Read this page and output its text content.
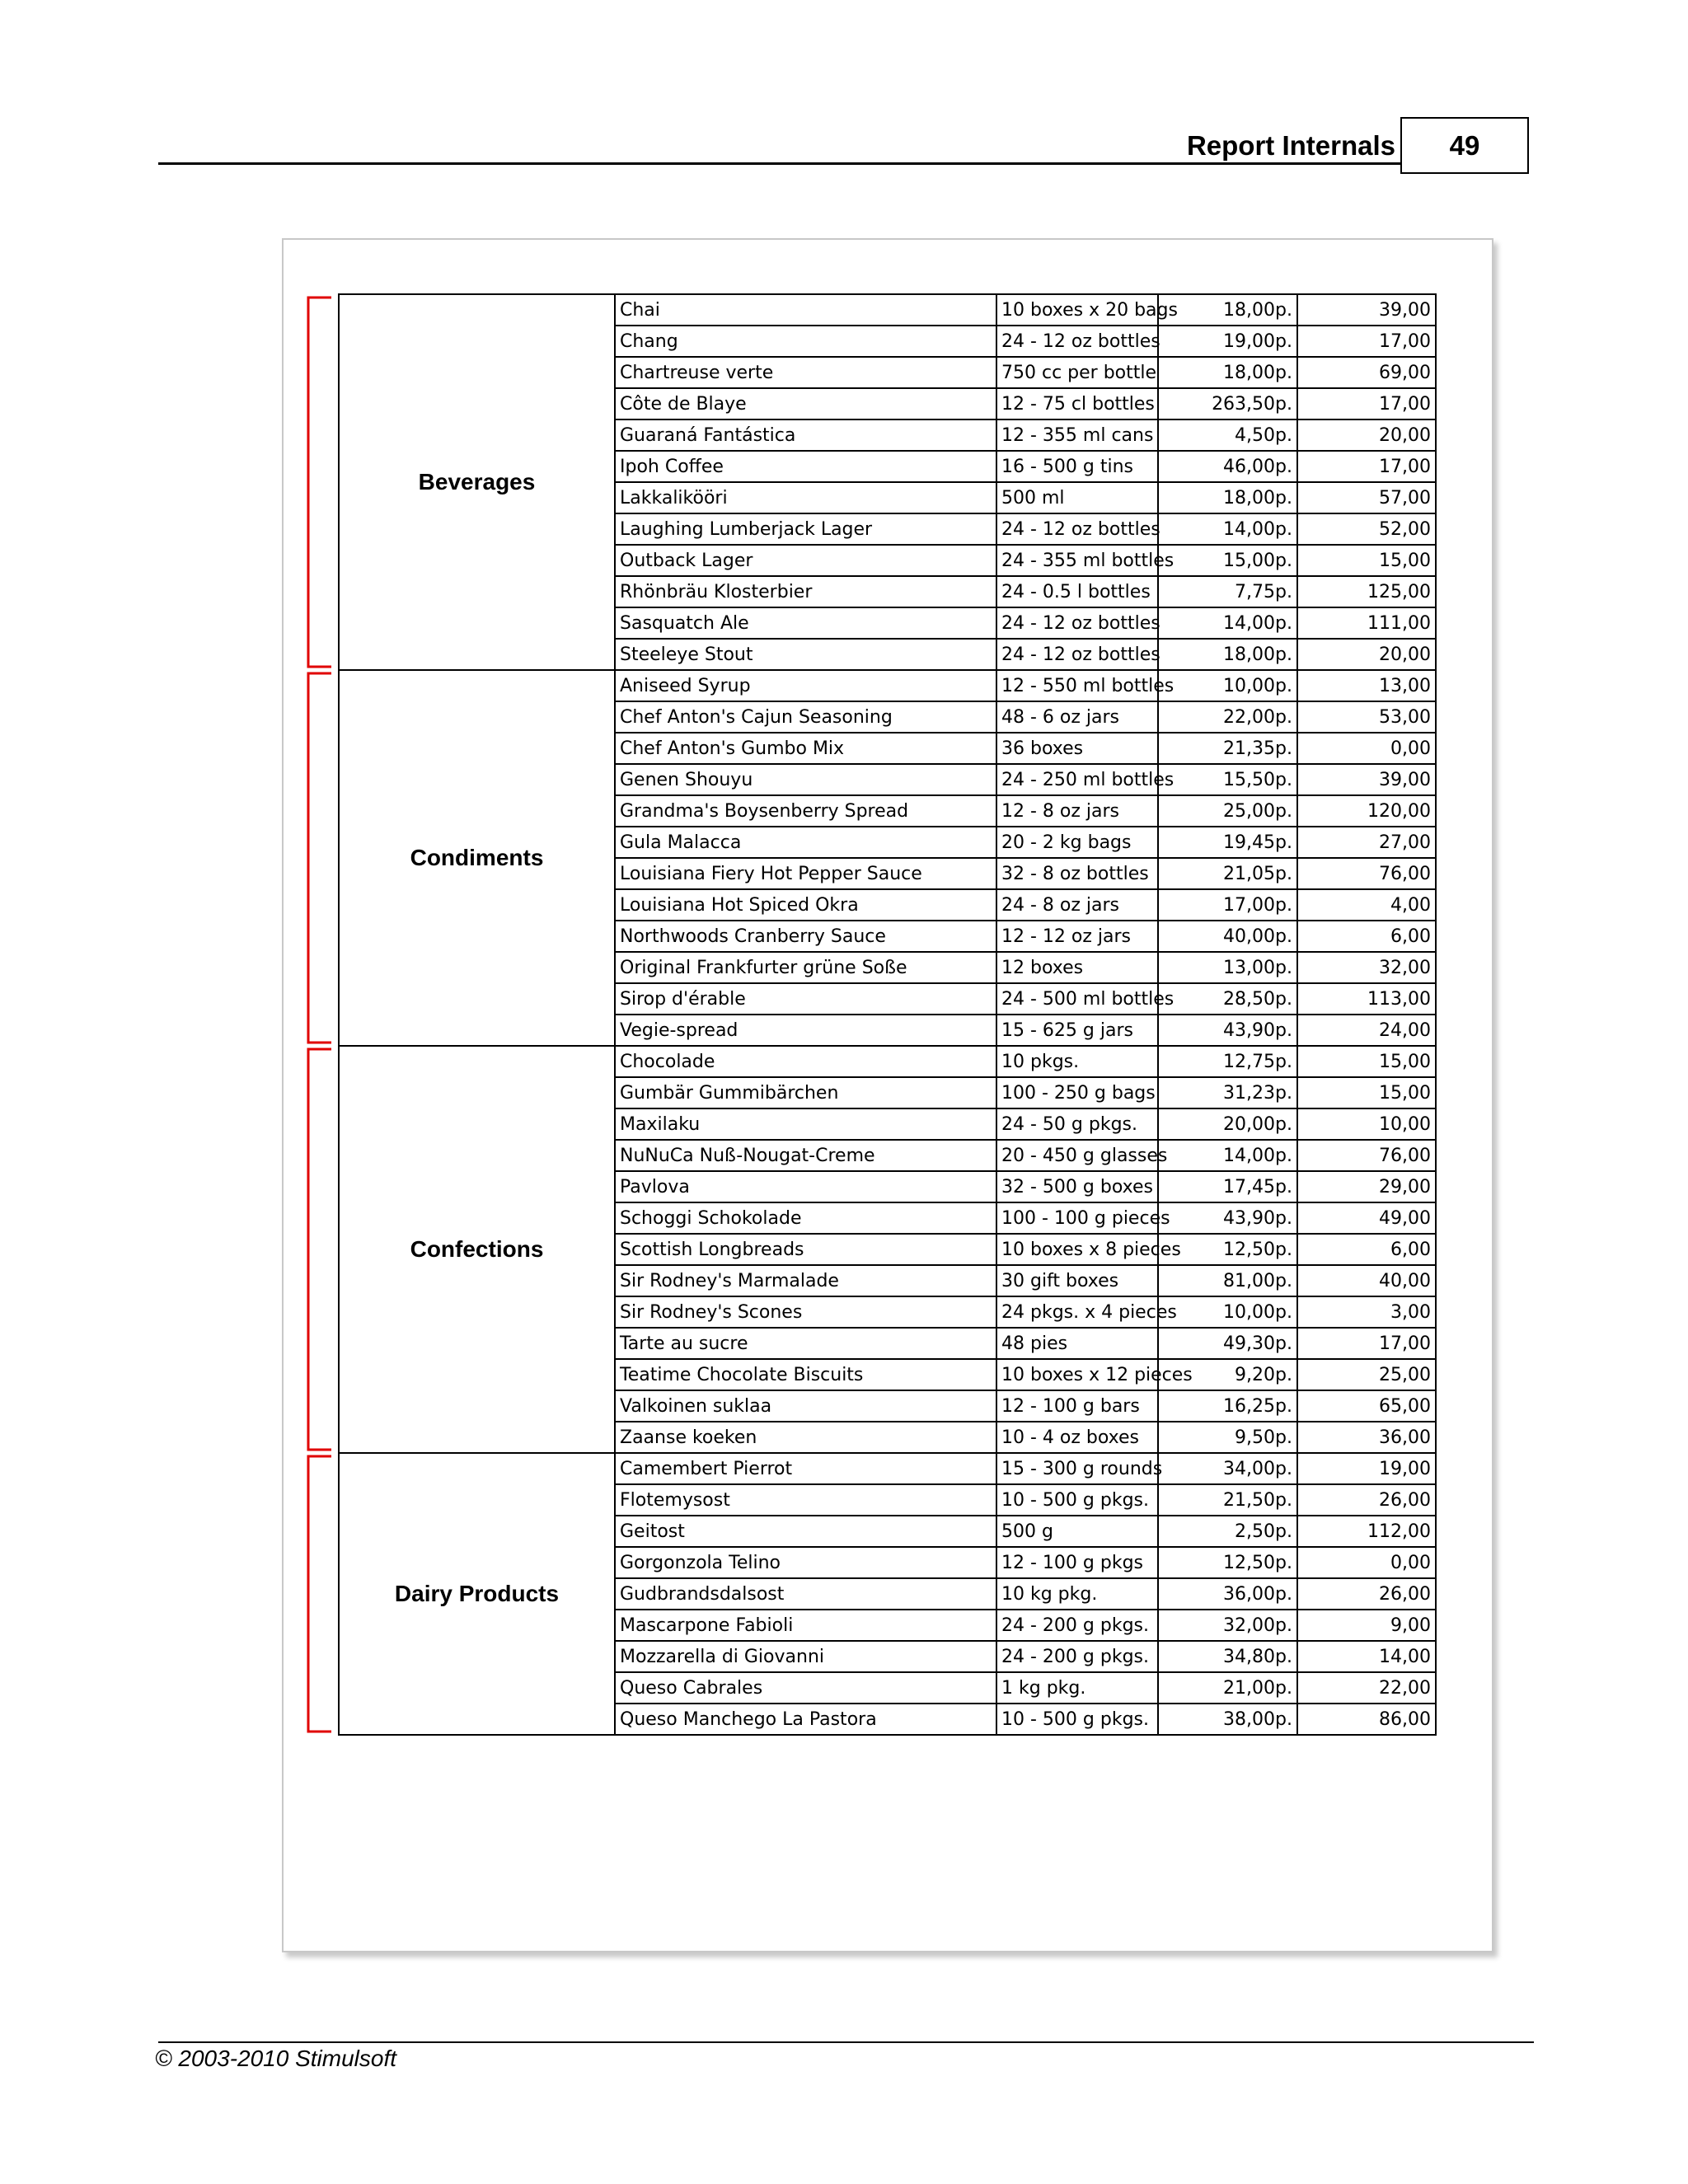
Report Internals	49
Beverages	Chai	10 boxes x 20 bags	18,00p.	39,00
	Chang	24 - 12 oz bottles	19,00p.	17,00
	Chartreuse verte	750 cc per bottle	18,00p.	69,00
	Côte de Blaye	12 - 75 cl bottles	263,50p.	17,00
	Guaraná Fantástica	12 - 355 ml cans	4,50p.	20,00
	Ipoh Coffee	16 - 500 g tins	46,00p.	17,00
	Lakkalikööri	500 ml	18,00p.	57,00
	Laughing Lumberjack Lager	24 - 12 oz bottles	14,00p.	52,00
	Outback Lager	24 - 355 ml bottles	15,00p.	15,00
	Rhönbräu Klosterbier	24 - 0.5 l bottles	7,75p.	125,00
	Sasquatch Ale	24 - 12 oz bottles	14,00p.	111,00
	Steeleye Stout	24 - 12 oz bottles	18,00p.	20,00
Condiments	Aniseed Syrup	12 - 550 ml bottles	10,00p.	13,00
	Chef Anton's Cajun Seasoning	48 - 6 oz jars	22,00p.	53,00
	Chef Anton's Gumbo Mix	36 boxes	21,35p.	0,00
	Genen Shouyu	24 - 250 ml bottles	15,50p.	39,00
	Grandma's Boysenberry Spread	12 - 8 oz jars	25,00p.	120,00
	Gula Malacca	20 - 2 kg bags	19,45p.	27,00
	Louisiana Fiery Hot Pepper Sauce	32 - 8 oz bottles	21,05p.	76,00
	Louisiana Hot Spiced Okra	24 - 8 oz jars	17,00p.	4,00
	Northwoods Cranberry Sauce	12 - 12 oz jars	40,00p.	6,00
	Original Frankfurter grüne Soße	12 boxes	13,00p.	32,00
	Sirop d'érable	24 - 500 ml bottles	28,50p.	113,00
	Vegie-spread	15 - 625 g jars	43,90p.	24,00
Confections	Chocolade	10 pkgs.	12,75p.	15,00
	Gumbär Gummibärchen	100 - 250 g bags	31,23p.	15,00
	Maxilaku	24 - 50 g pkgs.	20,00p.	10,00
	NuNuCa Nuß-Nougat-Creme	20 - 450 g glasses	14,00p.	76,00
	Pavlova	32 - 500 g boxes	17,45p.	29,00
	Schoggi Schokolade	100 - 100 g pieces	43,90p.	49,00
	Scottish Longbreads	10 boxes x 8 pieces	12,50p.	6,00
	Sir Rodney's Marmalade	30 gift boxes	81,00p.	40,00
	Sir Rodney's Scones	24 pkgs. x 4 pieces	10,00p.	3,00
	Tarte au sucre	48 pies	49,30p.	17,00
	Teatime Chocolate Biscuits	10 boxes x 12 pieces	9,20p.	25,00
	Valkoinen suklaa	12 - 100 g bars	16,25p.	65,00
	Zaanse koeken	10 - 4 oz boxes	9,50p.	36,00
Dairy Products	Camembert Pierrot	15 - 300 g rounds	34,00p.	19,00
	Flotemysost	10 - 500 g pkgs.	21,50p.	26,00
	Geitost	500 g	2,50p.	112,00
	Gorgonzola Telino	12 - 100 g pkgs	12,50p.	0,00
	Gudbrandsdalsost	10 kg pkg.	36,00p.	26,00
	Mascarpone Fabioli	24 - 200 g pkgs.	32,00p.	9,00
	Mozzarella di Giovanni	24 - 200 g pkgs.	34,80p.	14,00
	Queso Cabrales	1 kg pkg.	21,00p.	22,00
	Queso Manchego La Pastora	10 - 500 g pkgs.	38,00p.	86,00
© 2003-2010 Stimulsoft
